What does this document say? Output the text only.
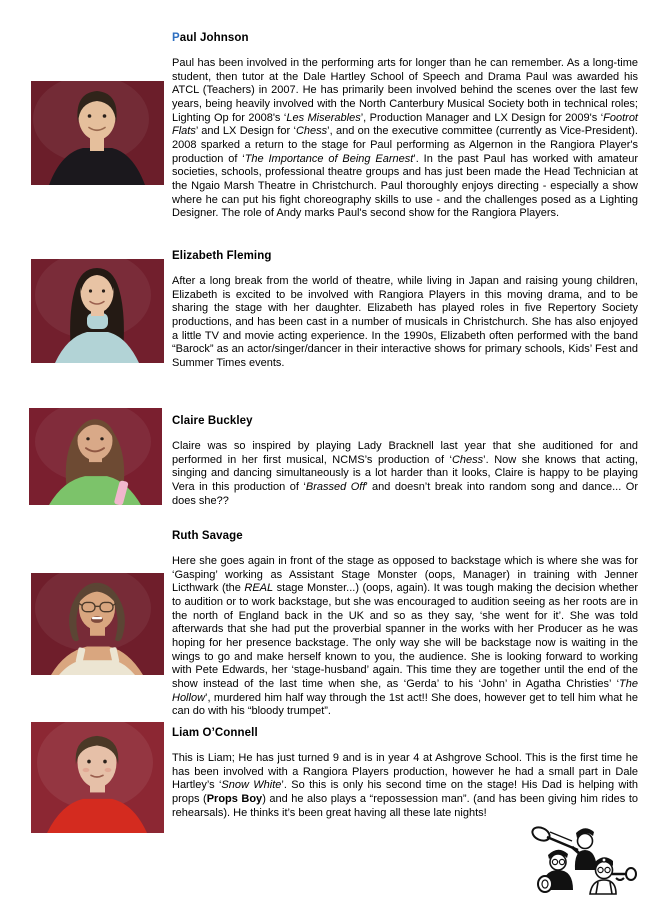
Paul Johnson

Paul has been involved in the performing arts for longer than he can remember. As a long-time student, then tutor at the Dale Hartley School of Speech and Drama Paul was awarded his ATCL (Teachers) in 2007. He has primarily been involved behind the scenes over the last few years, being heavily involved with the North Canterbury Musical Society both in technical roles; Lighting Op for 2008's ‘Les Miserables’, Production Manager and LX Design for 2009's ‘Footrot Flats’ and LX Design for ‘Chess’, and on the executive committee (currently as Vice-President). 2008 sparked a return to the stage for Paul performing as Algernon in the Rangiora Player's production of ‘The Importance of Being Earnest’. In the past Paul has worked with amateur societies, schools, professional theatre groups and has just been made the Head Technician at the Ngaio Marsh Theatre in Christchurch. Paul thoroughly enjoys directing - especially a show where he can put his fight choreography skills to use - and the challenges posed as a Lighting Designer. The role of Andy marks Paul's second show for the Rangiora Players.

Elizabeth Fleming

After a long break from the world of theatre, while living in Japan and raising young children, Elizabeth is excited to be involved with Rangiora Players in this moving drama, and to be sharing the stage with her daughter. Elizabeth has played roles in five Repertory Society productions, and has been cast in a number of musicals in Christchurch. She has also enjoyed a little TV and movie acting experience. In the 1990s, Elizabeth often performed with the band “Barock” as an actor/singer/dancer in their interactive shows for primary schools, Kids’ Fest and Summer Times events.

Claire Buckley

Claire was so inspired by playing Lady Bracknell last year that she auditioned for and performed in her first musical, NCMS’s production of ‘Chess’. Now she knows that acting, singing and dancing simultaneously is a lot harder than it looks, Claire is happy to be playing Vera in this production of ‘Brassed Off’ and doesn’t break into random song and dance... Or does she??

Ruth Savage

Here she goes again in front of the stage as opposed to backstage which is where she was for ‘Gasping’ working as Assistant Stage Monster (oops, Manager) in training with Jenner Licthwark (the REAL stage Monster...) (oops, again). It was tough making the decision whether to audition or to work backstage, but she was encouraged to audition seeing as her roots are in the north of England back in the UK and so as they say, ‘she went for it’. She was told afterwards that she had put the proverbial spanner in the works with her Producer as he was hoping for her presence backstage. The only way she will be backstage now is waiting in the wings to go and make herself known to you, the audience. She is looking forward to working with Pete Edwards, her ‘stage-husband’ again. This time they are together until the end of the show instead of the last time when she, as ‘Gerda’ to his ‘John’ in Agatha Christies’ ‘The Hollow’, murdered him half way through the 1st act!! She does, however get to tell him what he can do with his “bloody trumpet”.

Liam O’Connell

This is Liam; He has just turned 9 and is in year 4 at Ashgrove School. This is the first time he has been involved with a Rangiora Players production, however he had a small part in Dale Hartley’s ‘Snow White’. So this is only his second time on the stage! His Dad is helping with props (Props Boy) and he also plays a “repossession man”. (and has been giving him rides to rehearsals). He thinks it’s been great having all these late nights!
